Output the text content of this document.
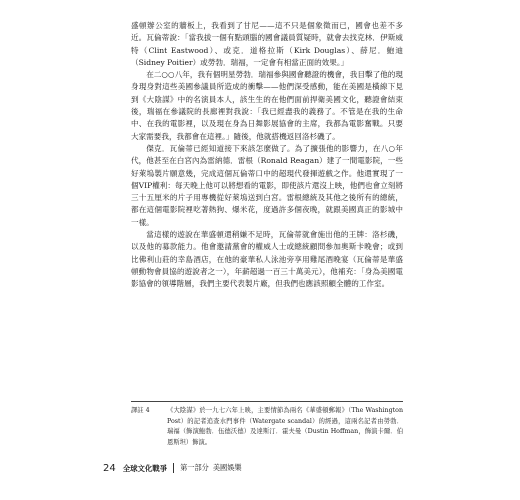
盛頓辦公室的牆板上，我看到了甘尼——這不只是個象徵而已，國會也差不多近。瓦倫蒂說：「當我拔一個有點頭腦的國會議員質疑時，就會去找克林．伊斯威特（Clint Eastwood）、或克．道格拉斯（Kirk Douglas）、薛尼．鮑迪（Sidney Poitier）或勞勃．瑞福，一定會有相當正面的效果。」

在二○○八年，我有個明星勞勃．瑞福參與國會聽證的機會，我目擊了他的現身現身對這些美國參議員所造成的衝擊——他們深受感動，能在美國是橫線下見到《大陰謀》中的名演員本人，該生生的在他們面前捍衛美國文化，聽證會結束後，瑞福在參議院的長廊裡對我說：「我已經盡我的義務了。不管是在我的生命中、在我的電影裡，以及現在身為日舞影展協會的主席，我都為電影奮戰。只要大家需要我，我都會在這裡。」隨後，他就搭機返回洛杉磯了。

傑克．瓦倫蒂已經知道接下來該怎麼做了。為了擴張他的影響力，在八○年代，他甚至在白宮內為雷納德．雷根（Ronald Reagan）建了一間電影院，一些好萊塢製片願意幾，完成這個瓦倫蒂口中的超現代發揮遊戲之作。他還實現了一個VIP權利：每天晚上他可以將想看的電影，即使該片還沒上映，他們也會立刻將三十五厘米的片子用專機從好萊塢送到白宮。雷根總統及其他之後所有的總統，都在這個電影院裡吃著熱狗、爆米花，度過許多個夜晚，就跟美國真正的影城中一樣。

當這樣的遊說在華盛頓還稍嫌不足時，瓦倫蒂就會施出他的王牌：洛杉磯，以及他的募款能力。他會邀請黨會的權威人士或總統顧問參加奧斯卡晚會；或到比佛利山莊的幸島酒店，在他的豪華私人泳池旁享用雞尾酒晚宴（瓦倫蒂是華盛頓動物會員協的遊說者之一），年薪超過一百三十萬美元），他補充：「身為美國電影協會的領導階層，我們主要代表製片廠，但我們也應該照顧全體的工作室。

譯註 4	《大陰謀》於一九七六年上映，主要情節為兩名《華盛頓郵報》（The Washington Post）的記者追查水門事件（Watergate scandal）的經過，這兩名記者由勞勃．瑞福（飾演鮑勃．伍德沃德）及達斯汀．霍夫曼（Dustin Hoffman，飾演卡爾．伯恩斯坦）飾演。
24 全球文化戰爭 第一部分 美國娛樂
